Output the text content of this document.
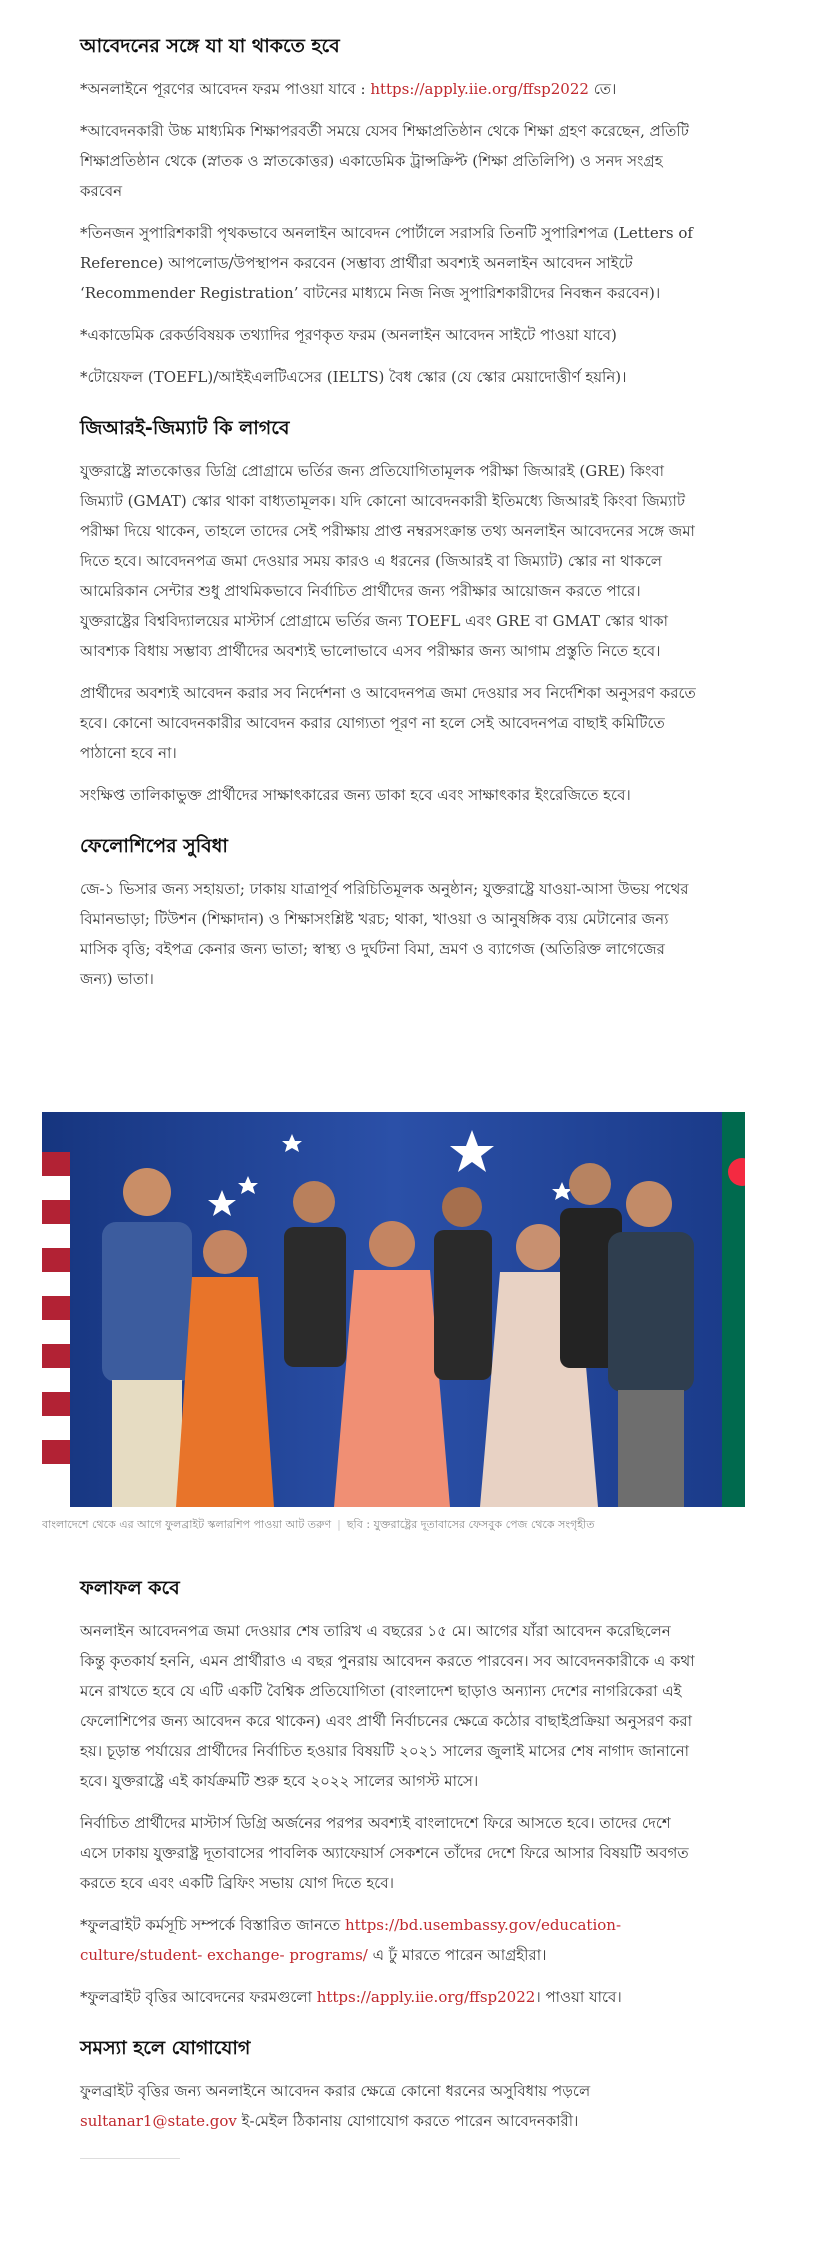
আবেদনের সঙ্গে যা যা থাকতে হবে

*অনলাইনে পূরণের আবেদন ফরম পাওয়া যাবে : https://apply.iie.org/ffsp2022 তে।

*আবেদনকারী উচ্চ মাধ্যমিক শিক্ষাপরবর্তী সময়ে যেসব শিক্ষাপ্রতিষ্ঠান থেকে শিক্ষা গ্রহণ করেছেন, প্রতিটি শিক্ষাপ্রতিষ্ঠান থেকে (স্নাতক ও স্নাতকোত্তর) একাডেমিক ট্রান্সক্রিপ্ট (শিক্ষা প্রতিলিপি) ও সনদ সংগ্রহ করবেন

*তিনজন সুপারিশকারী পৃথকভাবে অনলাইন আবেদন পোর্টালে সরাসরি তিনটি সুপারিশপত্র (Letters of Reference) আপলোড/উপস্থাপন করবেন (সম্ভাব্য প্রার্থীরা অবশ্যই অনলাইন আবেদন সাইটে ‘Recommender Registration’ বাটনের মাধ্যমে নিজ নিজ সুপারিশকারীদের নিবন্ধন করবেন)।

*একাডেমিক রেকর্ডবিষয়ক তথ্যাদির পূরণকৃত ফরম (অনলাইন আবেদন সাইটে পাওয়া যাবে)

*টোয়েফল (TOEFL)/আইইএলটিএসের (IELTS) বৈধ স্কোর (যে স্কোর মেয়াদোত্তীর্ণ হয়নি)।

জিআরই-জিম্যাট কি লাগবে

যুক্তরাষ্ট্রে স্নাতকোত্তর ডিগ্রি প্রোগ্রামে ভর্তির জন্য প্রতিযোগিতামূলক পরীক্ষা জিআরই (GRE) কিংবা জিম্যাট (GMAT) স্কোর থাকা বাধ্যতামূলক। যদি কোনো আবেদনকারী ইতিমধ্যে জিআরই কিংবা জিম্যাট পরীক্ষা দিয়ে থাকেন, তাহলে তাদের সেই পরীক্ষায় প্রাপ্ত নম্বরসংক্রান্ত তথ্য অনলাইন আবেদনের সঙ্গে জমা দিতে হবে। আবেদনপত্র জমা দেওয়ার সময় কারও এ ধরনের (জিআরই বা জিম্যাট) স্কোর না থাকলে আমেরিকান সেন্টার শুধু প্রাথমিকভাবে নির্বাচিত প্রার্থীদের জন্য পরীক্ষার আয়োজন করতে পারে। যুক্তরাষ্ট্রের বিশ্ববিদ্যালয়ের মাস্টার্স প্রোগ্রামে ভর্তির জন্য TOEFL এবং GRE বা GMAT স্কোর থাকা আবশ্যক বিধায় সম্ভাব্য প্রার্থীদের অবশ্যই ভালোভাবে এসব পরীক্ষার জন্য আগাম প্রস্তুতি নিতে হবে।

প্রার্থীদের অবশ্যই আবেদন করার সব নির্দেশনা ও আবেদনপত্র জমা দেওয়ার সব নির্দেশিকা অনুসরণ করতে হবে। কোনো আবেদনকারীর আবেদন করার যোগ্যতা পূরণ না হলে সেই আবেদনপত্র বাছাই কমিটিতে পাঠানো হবে না।

সংক্ষিপ্ত তালিকাভুক্ত প্রার্থীদের সাক্ষাৎকারের জন্য ডাকা হবে এবং সাক্ষাৎকার ইংরেজিতে হবে।

ফেলোশিপের সুবিধা

জে-১ ভিসার জন্য সহায়তা; ঢাকায় যাত্রাপূর্ব পরিচিতিমূলক অনুষ্ঠান; যুক্তরাষ্ট্রে যাওয়া-আসা উভয় পথের বিমানভাড়া; টিউশন (শিক্ষাদান) ও শিক্ষাসংশ্লিষ্ট খরচ; থাকা, খাওয়া ও আনুষঙ্গিক ব্যয় মেটানোর জন্য মাসিক বৃত্তি; বইপত্র কেনার জন্য ভাতা; স্বাস্থ্য ও দুর্ঘটনা বিমা, ভ্রমণ ও ব্যাগেজ (অতিরিক্ত লাগেজের জন্য) ভাতা।

বাংলাদেশে থেকে এর আগে ফুলব্রাইট স্কলারশিপ পাওয়া আট তরুণ | ছবি : যুক্তরাষ্ট্রের দূতাবাসের ফেসবুক পেজ থেকে সংগৃহীত
ফলাফল কবে

অনলাইন আবেদনপত্র জমা দেওয়ার শেষ তারিখ এ বছরের ১৫ মে। আগের যাঁরা আবেদন করেছিলেন কিন্তু কৃতকার্য হননি, এমন প্রার্থীরাও এ বছর পুনরায় আবেদন করতে পারবেন। সব আবেদনকারীকে এ কথা মনে রাখতে হবে যে এটি একটি বৈশ্বিক প্রতিযোগিতা (বাংলাদেশ ছাড়াও অন্যান্য দেশের নাগরিকেরা এই ফেলোশিপের জন্য আবেদন করে থাকেন) এবং প্রার্থী নির্বাচনের ক্ষেত্রে কঠোর বাছাইপ্রক্রিয়া অনুসরণ করা হয়। চূড়ান্ত পর্যায়ের প্রার্থীদের নির্বাচিত হওয়ার বিষয়টি ২০২১ সালের জুলাই মাসের শেষ নাগাদ জানানো হবে। যুক্তরাষ্ট্রে এই কার্যক্রমটি শুরু হবে ২০২২ সালের আগস্ট মাসে।

নির্বাচিত প্রার্থীদের মাস্টার্স ডিগ্রি অর্জনের পরপর অবশ্যই বাংলাদেশে ফিরে আসতে হবে। তাদের দেশে এসে ঢাকায় যুক্তরাষ্ট্র দূতাবাসের পাবলিক অ্যাফেয়ার্স সেকশনে তাঁদের দেশে ফিরে আসার বিষয়টি অবগত করতে হবে এবং একটি ব্রিফিং সভায় যোগ দিতে হবে।

*ফুলব্রাইট কর্মসূচি সম্পর্কে বিস্তারিত জানতে https://bd.usembassy.gov/education-culture/student- exchange- programs/ এ ঢুঁ মারতে পারেন আগ্রহীরা।

*ফুলব্রাইট বৃত্তির আবেদনের ফরমগুলো https://apply.iie.org/ffsp2022। পাওয়া যাবে।

সমস্যা হলে যোগাযোগ

ফুলব্রাইট বৃত্তির জন্য অনলাইনে আবেদন করার ক্ষেত্রে কোনো ধরনের অসুবিধায় পড়লে sultanar1@state.gov ই-মেইল ঠিকানায় যোগাযোগ করতে পারেন আবেদনকারী।
